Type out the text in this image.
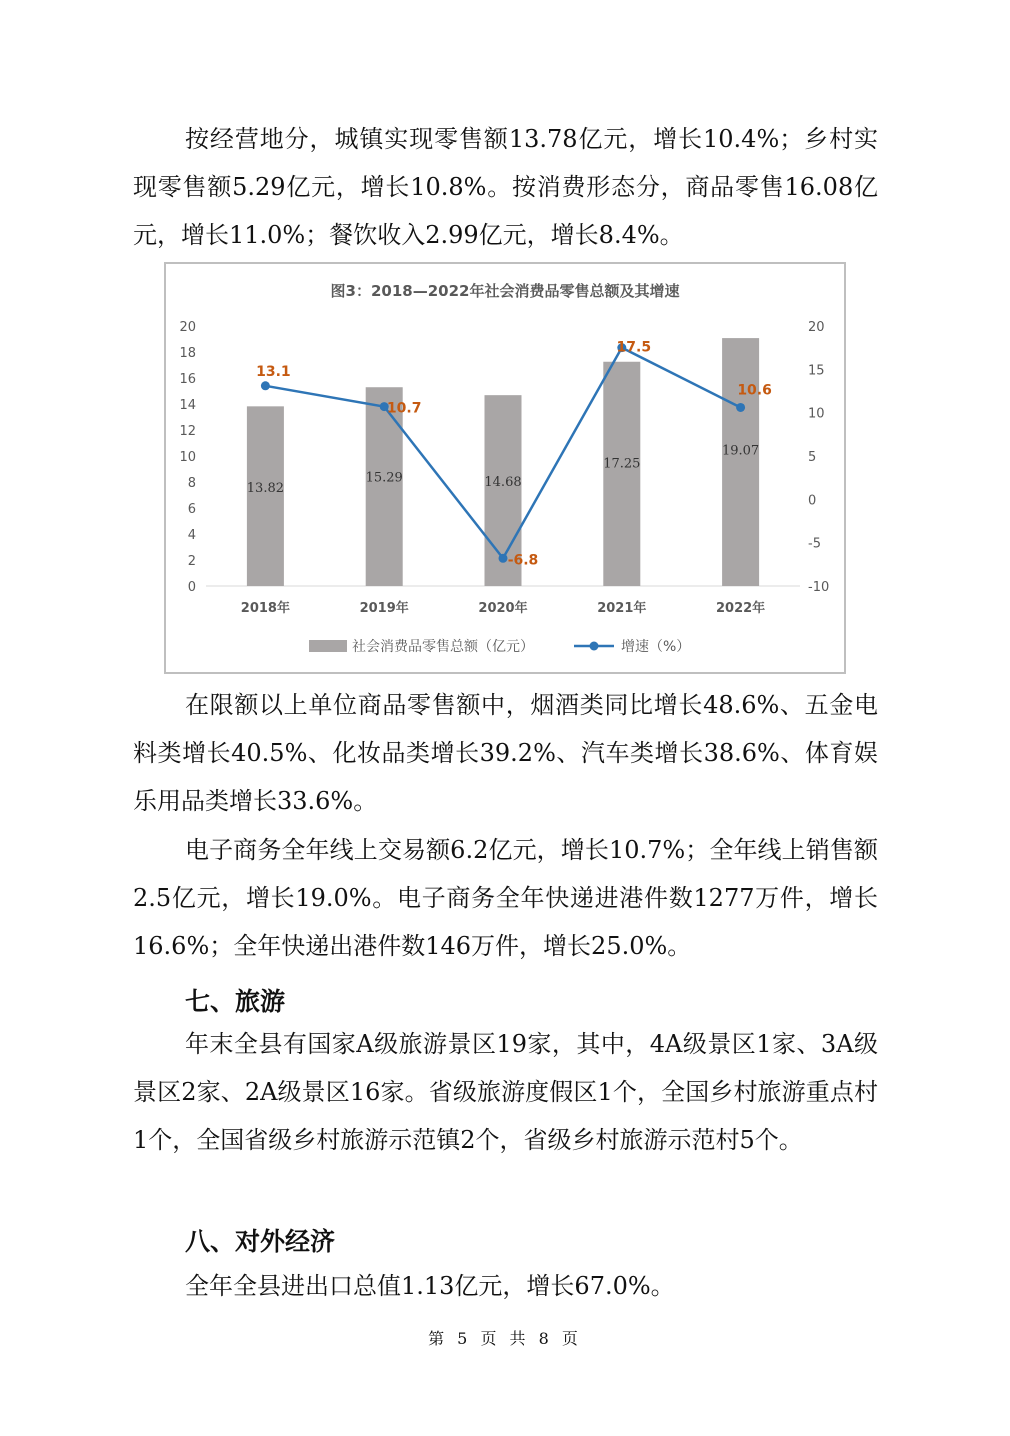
按经营地分，城镇实现零售额13.78亿元，增长10.4%；乡村实现零售额5.29亿元，增长10.8%。按消费形态分，商品零售16.08亿元，增长11.0%；餐饮收入2.99亿元，增长8.4%。

图3：2018—2022年社会消费品零售总额及其增速
0
2
4
6
8
10
12
14
16
18
20
-10
-5
0
5
10
15
20
13.82
15.29	14.68
17.25
19.07
13.1
10.7
-6.8
17.5
10.6
2018年	2019年	2020年	2021年	2022年
社会消费品零售总额（亿元）	增速（%）

在限额以上单位商品零售额中，烟酒类同比增长48.6%、五金电料类增长40.5%、化妆品类增长39.2%、汽车类增长38.6%、体育娱乐用品类增长33.6%。

电子商务全年线上交易额6.2亿元，增长10.7%；全年线上销售额2.5亿元，增长19.0%。电子商务全年快递进港件数1277万件，增长16.6%；全年快递出港件数146万件，增长25.0%。

七、旅游

年末全县有国家A级旅游景区19家，其中，4A级景区1家、3A级景区2家、2A级景区16家。省级旅游度假区1个，全国乡村旅游重点村1个，全国省级乡村旅游示范镇2个，省级乡村旅游示范村5个。

八、对外经济

全年全县进出口总值1.13亿元，增长67.0%。

第 5 页 共 8 页
